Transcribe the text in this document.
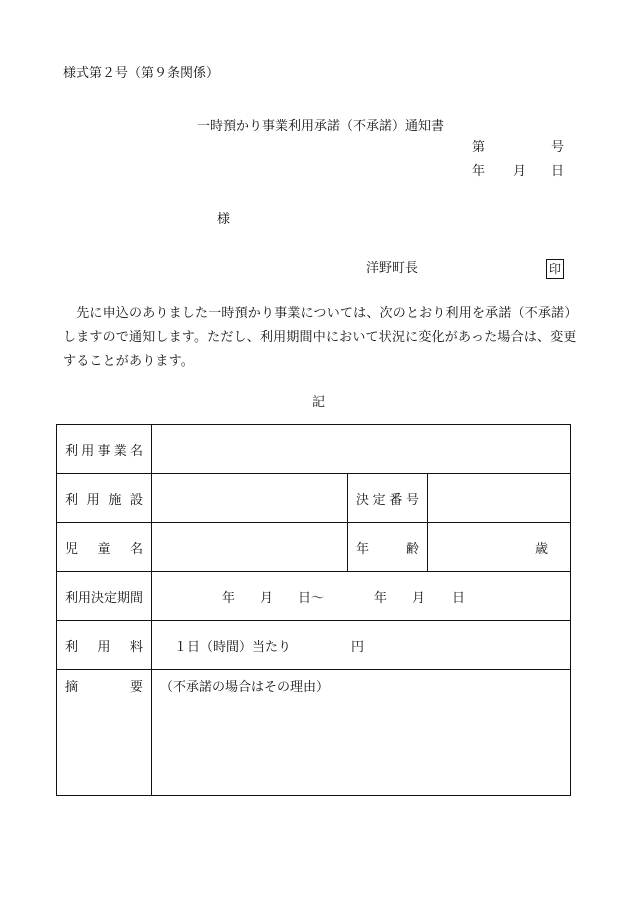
様式第２号（第９条関係）
一時預かり事業利用承諾（不承諾）通知書
第	号
年 月 日
様
洋野町長	印
　先に申込のありました一時預かり事業については、次のとおり利用を承諾（不承諾）しますので通知します。ただし、利用期間中において状況に変化があった場合は、変更することがあります。
記
利用事業名			
利用施設		決定番号	
児童名		年齢	歳
利用決定期間	年 月 日～ 年 月 日		
利用料	１日（時間）当たり 円		
摘要	（不承諾の場合はその理由）		
